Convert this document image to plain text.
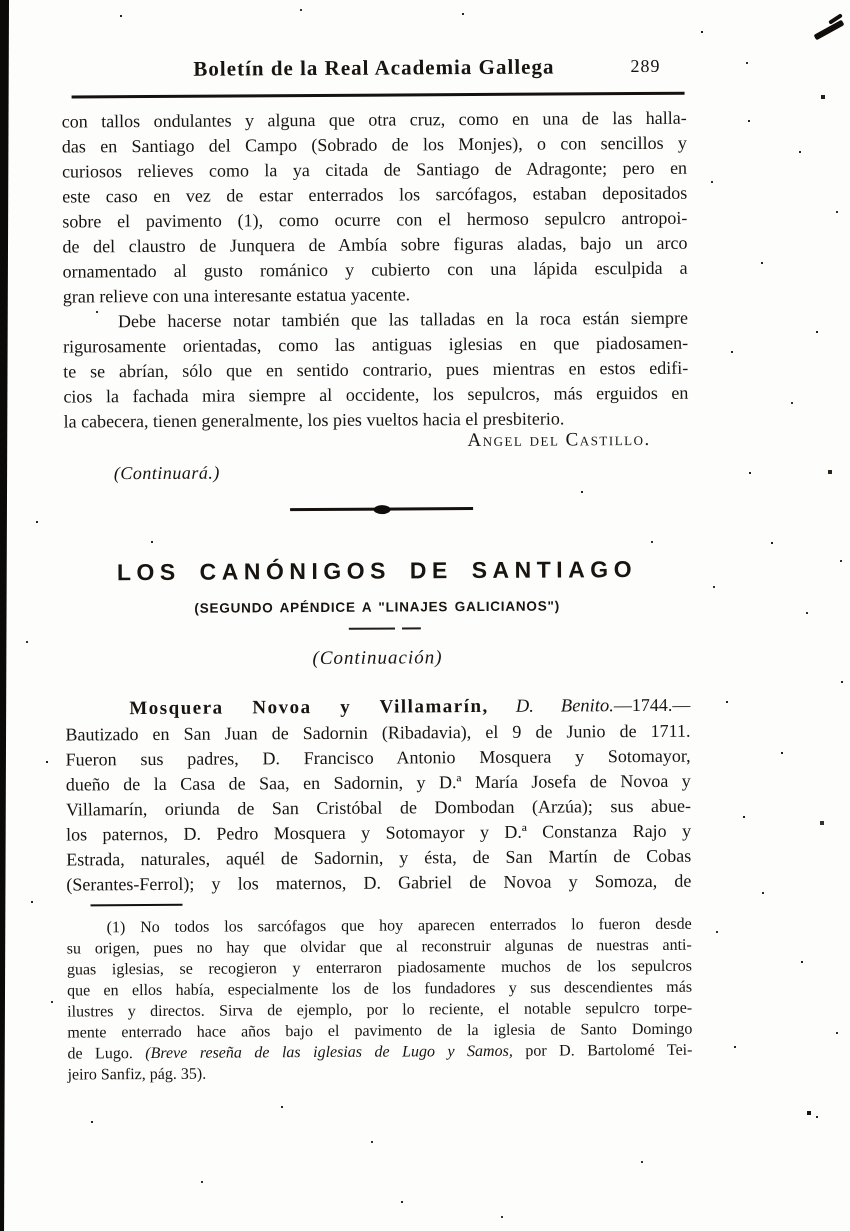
Boletín de la Real Academia Gallega	289
con tallos ondulantes y alguna que otra cruz, como en una de las halla-
das en Santiago del Campo (Sobrado de los Monjes), o con sencillos y
curiosos relieves como la ya citada de Santiago de Adragonte; pero en
este caso en vez de estar enterrados los sarcófagos, estaban depositados
sobre el pavimento (1), como ocurre con el hermoso sepulcro antropoi-
de del claustro de Junquera de Ambía sobre figuras aladas, bajo un arco
ornamentado al gusto románico y cubierto con una lápida esculpida a
gran relieve con una interesante estatua yacente.
Debe hacerse notar también que las talladas en la roca están siempre
rigurosamente orientadas, como las antiguas iglesias en que piadosamen-
te se abrían, sólo que en sentido contrario, pues mientras en estos edifi-
cios la fachada mira siempre al occidente, los sepulcros, más erguidos en
la cabecera, tienen generalmente, los pies vueltos hacia el presbiterio.
Angel del Castillo.
(Continuará.)
LOS CANÓNIGOS DE SANTIAGO
(SEGUNDO APÉNDICE A "LINAJES GALICIANOS")
(Continuación)
Mosquera Novoa y Villamarín, D. Benito.—1744.—
Bautizado en San Juan de Sadornin (Ribadavia), el 9 de Junio de 1711.
Fueron sus padres, D. Francisco Antonio Mosquera y Sotomayor,
dueño de la Casa de Saa, en Sadornin, y D.ª María Josefa de Novoa y
Villamarín, oriunda de San Cristóbal de Dombodan (Arzúa); sus abue-
los paternos, D. Pedro Mosquera y Sotomayor y D.ª Constanza Rajo y
Estrada, naturales, aquél de Sadornin, y ésta, de San Martín de Cobas
(Serantes-Ferrol); y los maternos, D. Gabriel de Novoa y Somoza, de
(1) No todos los sarcófagos que hoy aparecen enterrados lo fueron desde
su origen, pues no hay que olvidar que al reconstruir algunas de nuestras anti-
guas iglesias, se recogieron y enterraron piadosamente muchos de los sepulcros
que en ellos había, especialmente los de los fundadores y sus descendientes más
ilustres y directos. Sirva de ejemplo, por lo reciente, el notable sepulcro torpe-
mente enterrado hace años bajo el pavimento de la iglesia de Santo Domingo
de Lugo. (Breve reseña de las iglesias de Lugo y Samos, por D. Bartolomé Tei-
jeiro Sanfiz, pág. 35).
